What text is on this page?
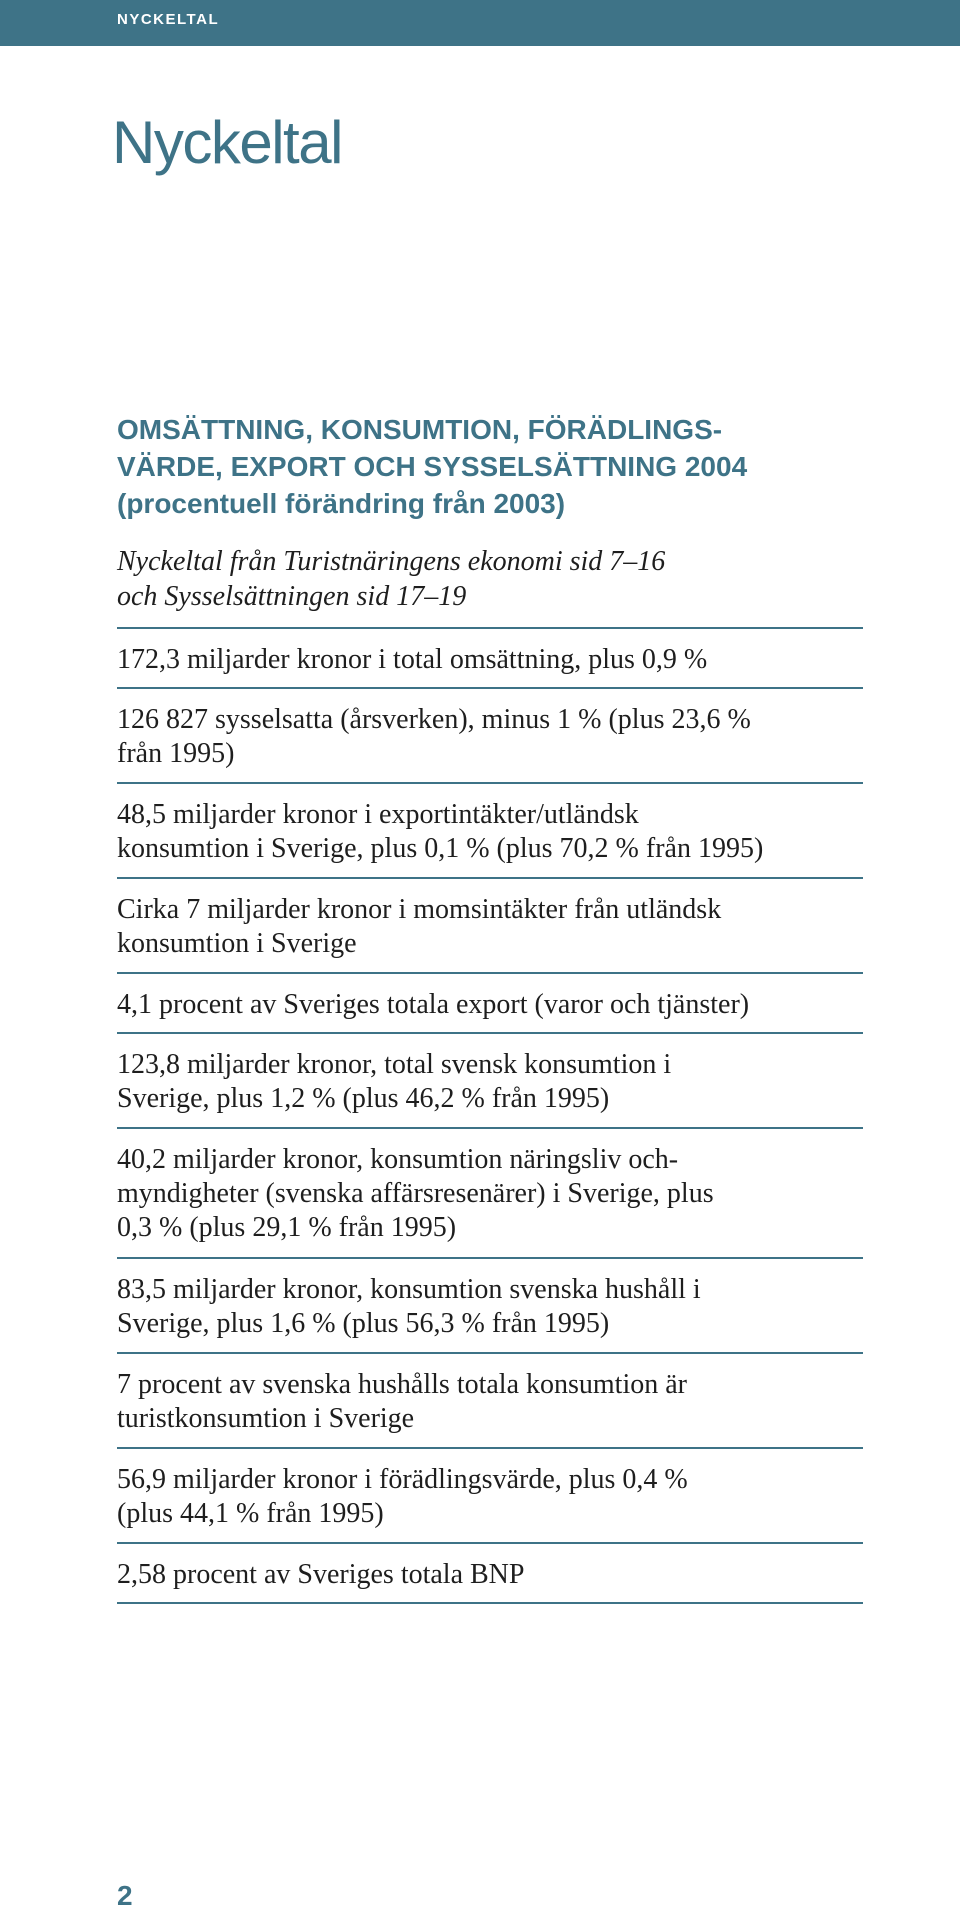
NYCKELTAL
Nyckeltal
OMSÄTTNING, KONSUMTION, FÖRÄDLINGS-
VÄRDE, EXPORT OCH SYSSELSÄTTNING 2004
(procentuell förändring från 2003)

Nyckeltal från Turistnäringens ekonomi sid 7–16
och Sysselsättningen sid 17–19

172,3 miljarder kronor i total omsättning, plus 0,9 %
126 827 sysselsatta (årsverken), minus 1 % (plus 23,6 %
från 1995)
48,5 miljarder kronor i exportintäkter/utländsk
konsumtion i Sverige, plus 0,1 % (plus 70,2 % från 1995)
Cirka 7 miljarder kronor i momsintäkter från utländsk
konsumtion i Sverige
4,1 procent av Sveriges totala export (varor och tjänster)
123,8 miljarder kronor, total svensk konsumtion i
Sverige, plus 1,2 % (plus 46,2 % från 1995)
40,2 miljarder kronor, konsumtion näringsliv och-
myndigheter (svenska affärsresenärer) i Sverige, plus
0,3 % (plus 29,1 % från 1995)
83,5 miljarder kronor, konsumtion svenska hushåll i
Sverige, plus 1,6 % (plus 56,3 % från 1995)
7 procent av svenska hushålls totala konsumtion är
turistkonsumtion i Sverige
56,9 miljarder kronor i förädlingsvärde, plus 0,4 %
(plus 44,1 % från 1995)
2,58 procent av Sveriges totala BNP
2
